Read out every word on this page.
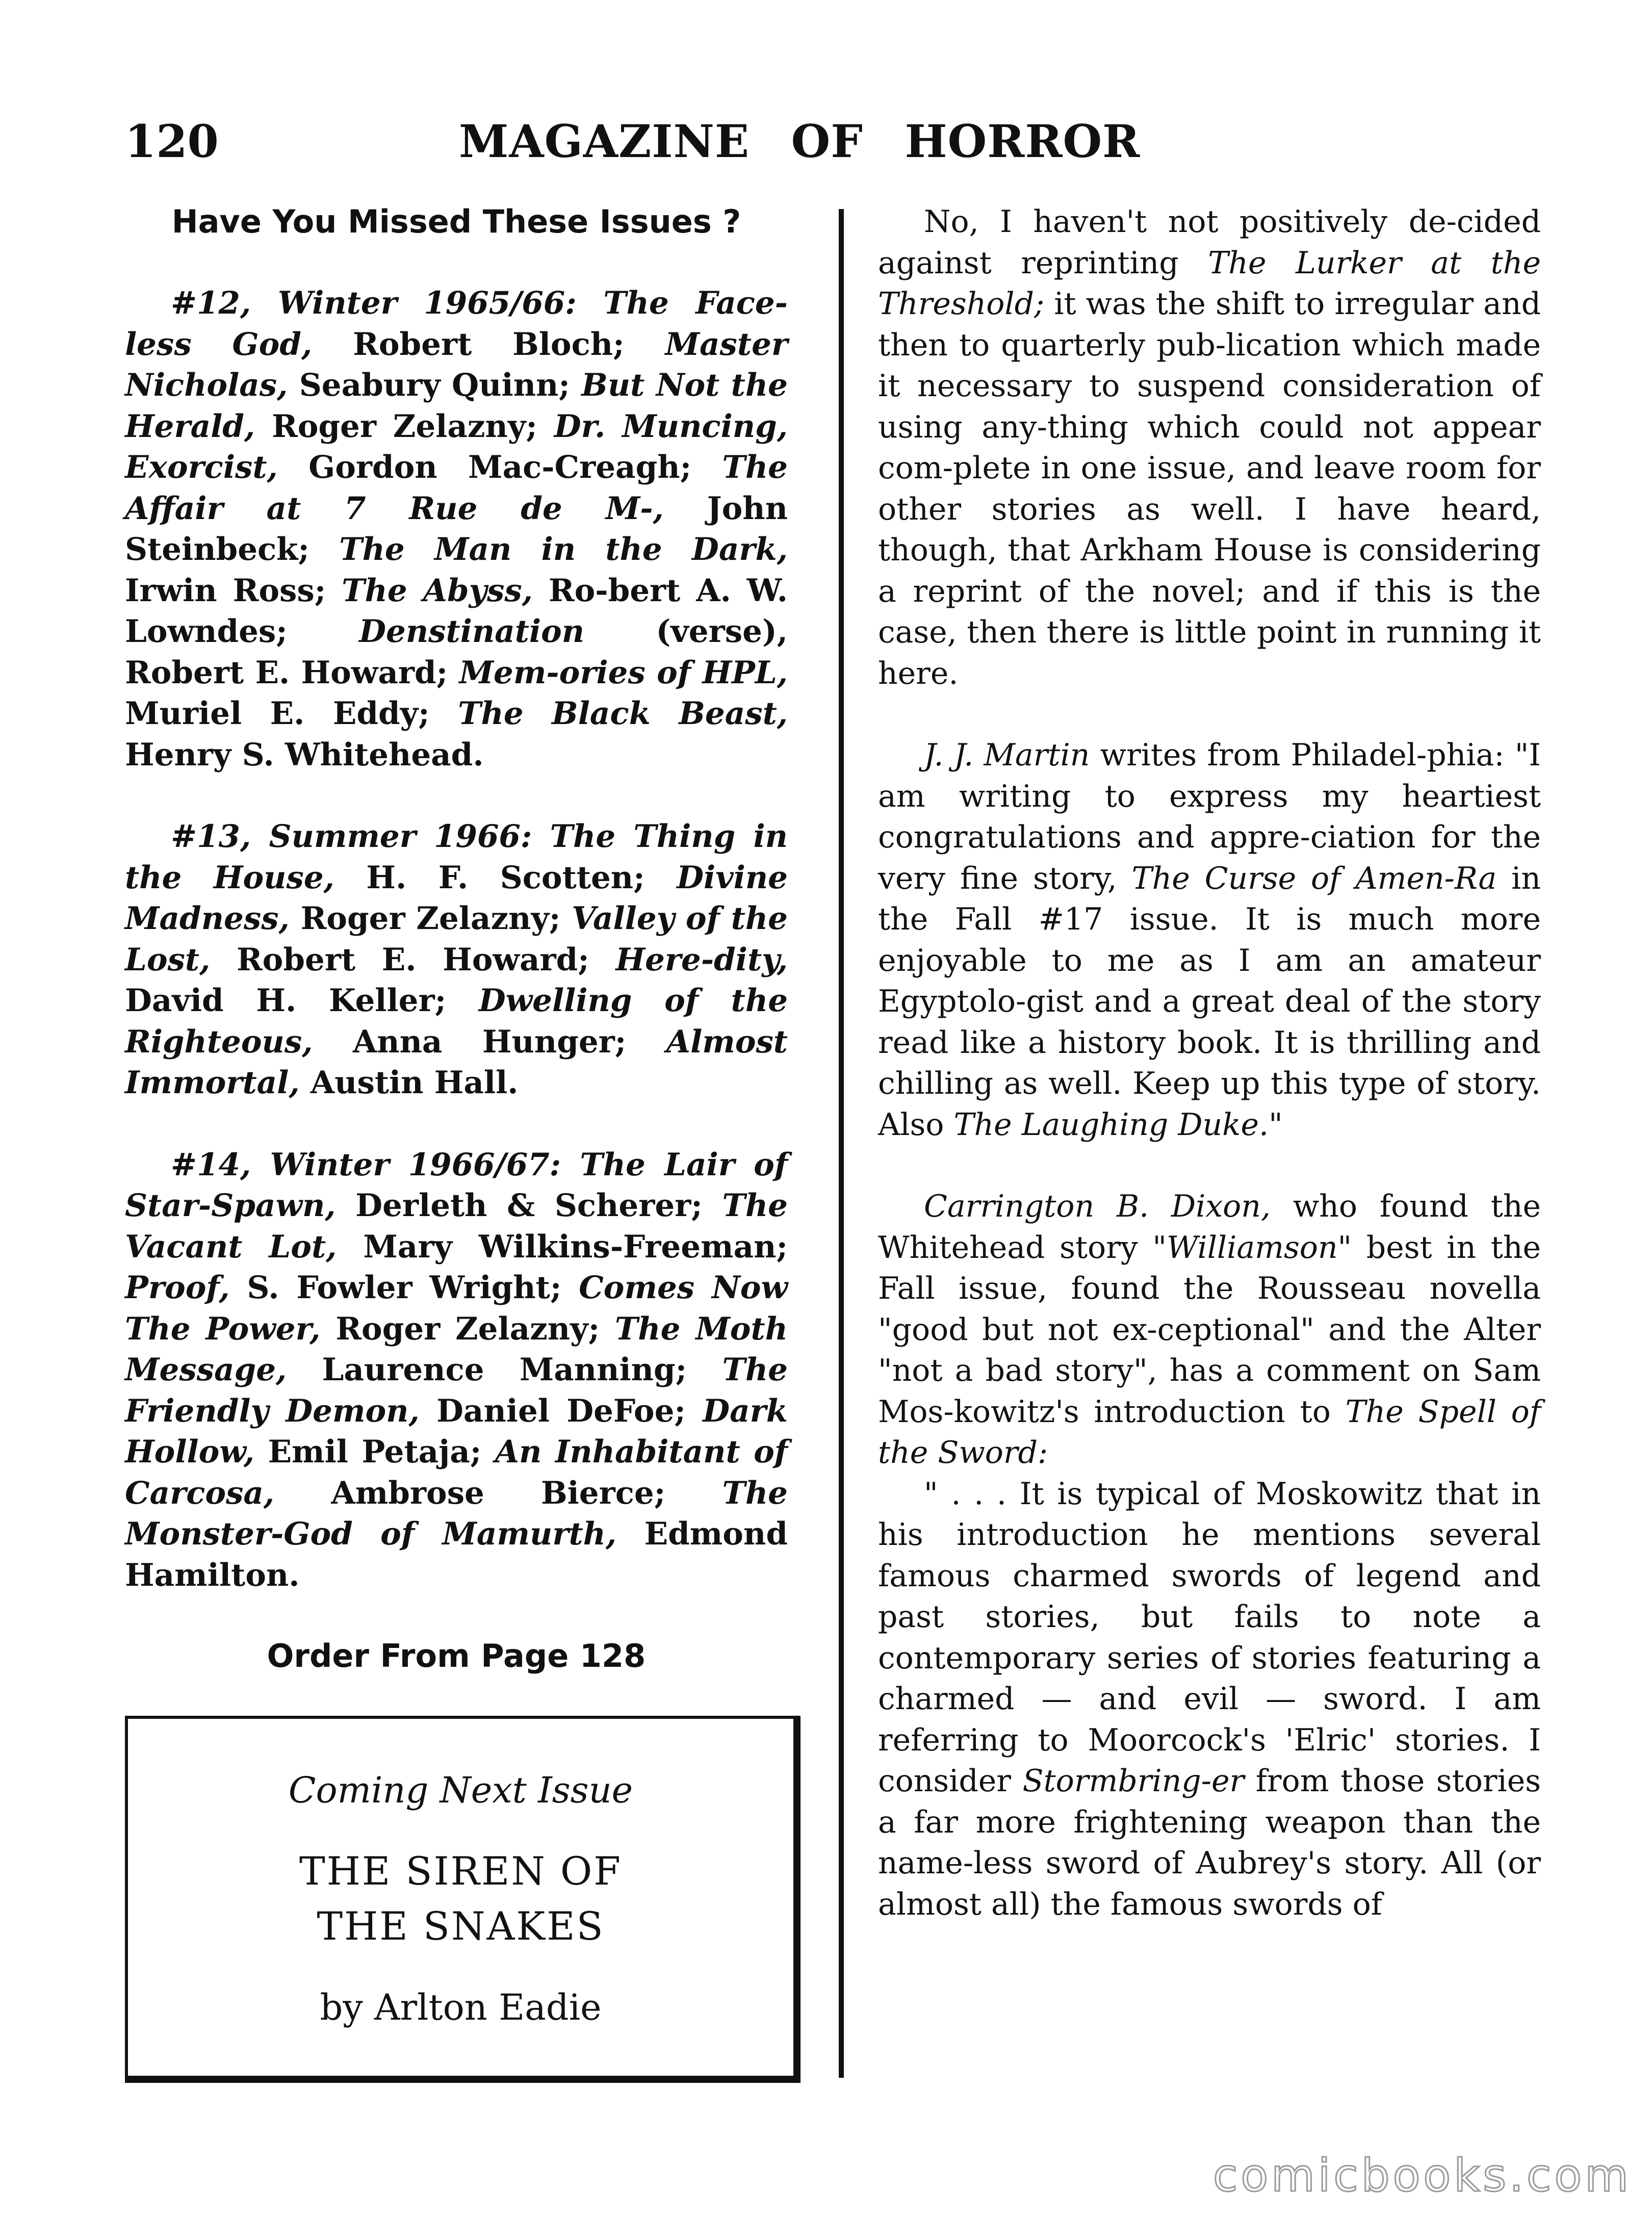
120	MAGAZINE OF HORROR

Have You Missed These Issues ?

#12, Winter 1965/66: The Face-less God, Robert Bloch; Master Nicholas, Seabury Quinn; But Not the Herald, Roger Zelazny; Dr. Muncing, Exorcist, Gordon Mac-Creagh; The Affair at 7 Rue de M-, John Steinbeck; The Man in the Dark, Irwin Ross; The Abyss, Ro-bert A. W. Lowndes; Denstination (verse), Robert E. Howard; Mem-ories of HPL, Muriel E. Eddy; The Black Beast, Henry S. Whitehead.

#13, Summer 1966: The Thing in the House, H. F. Scotten; Divine Madness, Roger Zelazny; Valley of the Lost, Robert E. Howard; Here-dity, David H. Keller; Dwelling of the Righteous, Anna Hunger; Almost Immortal, Austin Hall.

#14, Winter 1966/67: The Lair of Star-Spawn, Derleth & Scherer; The Vacant Lot, Mary Wilkins-Freeman; Proof, S. Fowler Wright; Comes Now The Power, Roger Zelazny; The Moth Message, Laurence Manning; The Friendly Demon, Daniel DeFoe; Dark Hollow, Emil Petaja; An Inhabitant of Carcosa, Ambrose Bierce; The Monster-God of Mamurth, Edmond Hamilton.

Order From Page 128

Coming Next Issue
THE SIREN OF
THE SNAKES
by Arlton Eadie

No, I haven't not positively de-cided against reprinting The Lurker at the Threshold; it was the shift to irregular and then to quarterly pub-lication which made it necessary to suspend consideration of using any-thing which could not appear com-plete in one issue, and leave room for other stories as well. I have heard, though, that Arkham House is considering a reprint of the novel; and if this is the case, then there is little point in running it here.

J. J. Martin writes from Philadel-phia: "I am writing to express my heartiest congratulations and appre-ciation for the very fine story, The Curse of Amen-Ra in the Fall #17 issue. It is much more enjoyable to me as I am an amateur Egyptolo-gist and a great deal of the story read like a history book. It is thrilling and chilling as well. Keep up this type of story. Also The Laughing Duke."

Carrington B. Dixon, who found the Whitehead story "Williamson" best in the Fall issue, found the Rousseau novella "good but not ex-ceptional" and the Alter "not a bad story", has a comment on Sam Mos-kowitz's introduction to The Spell of the Sword:

" . . . It is typical of Moskowitz that in his introduction he mentions several famous charmed swords of legend and past stories, but fails to note a contemporary series of stories featuring a charmed — and evil — sword. I am referring to Moorcock's 'Elric' stories. I consider Stormbring-er from those stories a far more frightening weapon than the name-less sword of Aubrey's story. All (or almost all) the famous swords of

comicbooks.com
